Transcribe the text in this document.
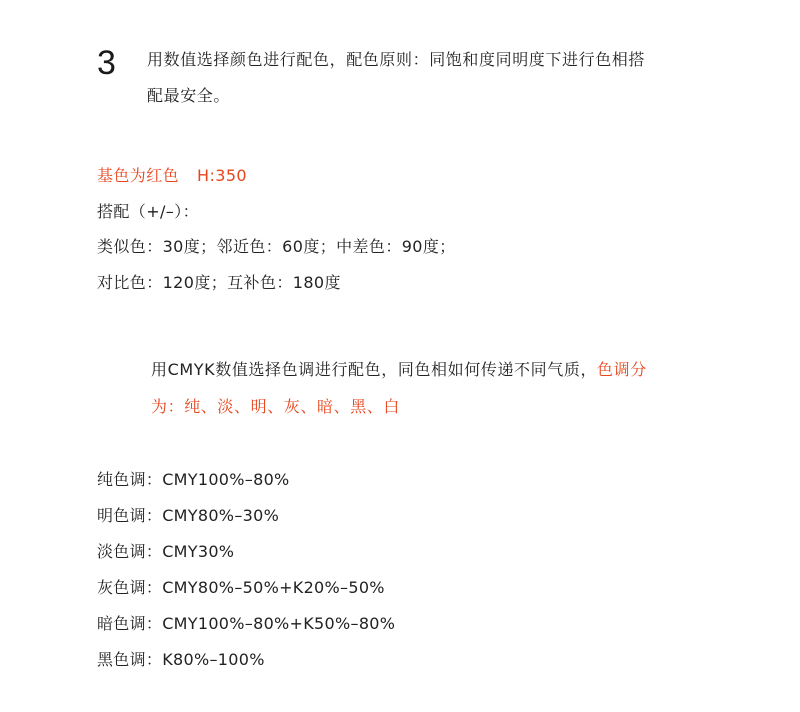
3 用数值选择颜色进行配色，配色原则：同饱和度同明度下进行色相搭
配最安全。
基色为红色 H:350
搭配（+/–）：
类似色：30度；邻近色：60度；中差色：90度；
对比色：120度；互补色：180度
用CMYK数值选择色调进行配色，同色相如何传递不同气质，色调分
为：纯、淡、明、灰、暗、黑、白
纯色调：CMY100%–80%
明色调：CMY80%–30%
淡色调：CMY30%
灰色调：CMY80%–50%+K20%–50%
暗色调：CMY100%–80%+K50%–80%
黑色调：K80%–100%
